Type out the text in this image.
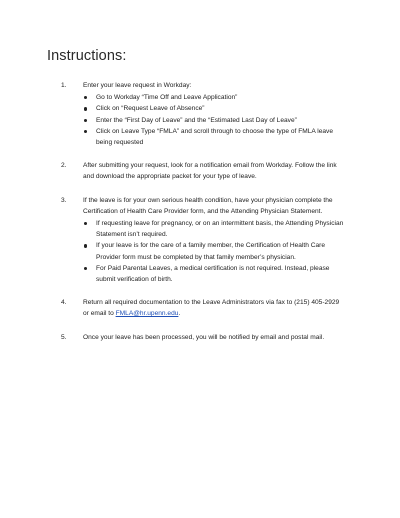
Instructions:
1.	Enter your leave request in Workday:
Go to Workday “Time Off and Leave Application”
Click on “Request Leave of Absence”
Enter the “First Day of Leave” and the “Estimated Last Day of Leave”
Click on Leave Type “FMLA” and scroll through to choose the type of FMLA leave being requested
2.	After submitting your request, look for a notification email from Workday. Follow the link and download the appropriate packet for your type of leave.
3.	If the leave is for your own serious health condition, have your physician complete the Certification of Health Care Provider form, and the Attending Physician Statement.
If requesting leave for pregnancy, or on an intermittent basis, the Attending Physician Statement isn’t required.
If your leave is for the care of a family member, the Certification of Health Care Provider form must be completed by that family member’s physician.
For Paid Parental Leaves, a medical certification is not required. Instead, please submit verification of birth.
4.	Return all required documentation to the Leave Administrators via fax to (215) 405-2929 or email to FMLA@hr.upenn.edu.
5.	Once your leave has been processed, you will be notified by email and postal mail.
